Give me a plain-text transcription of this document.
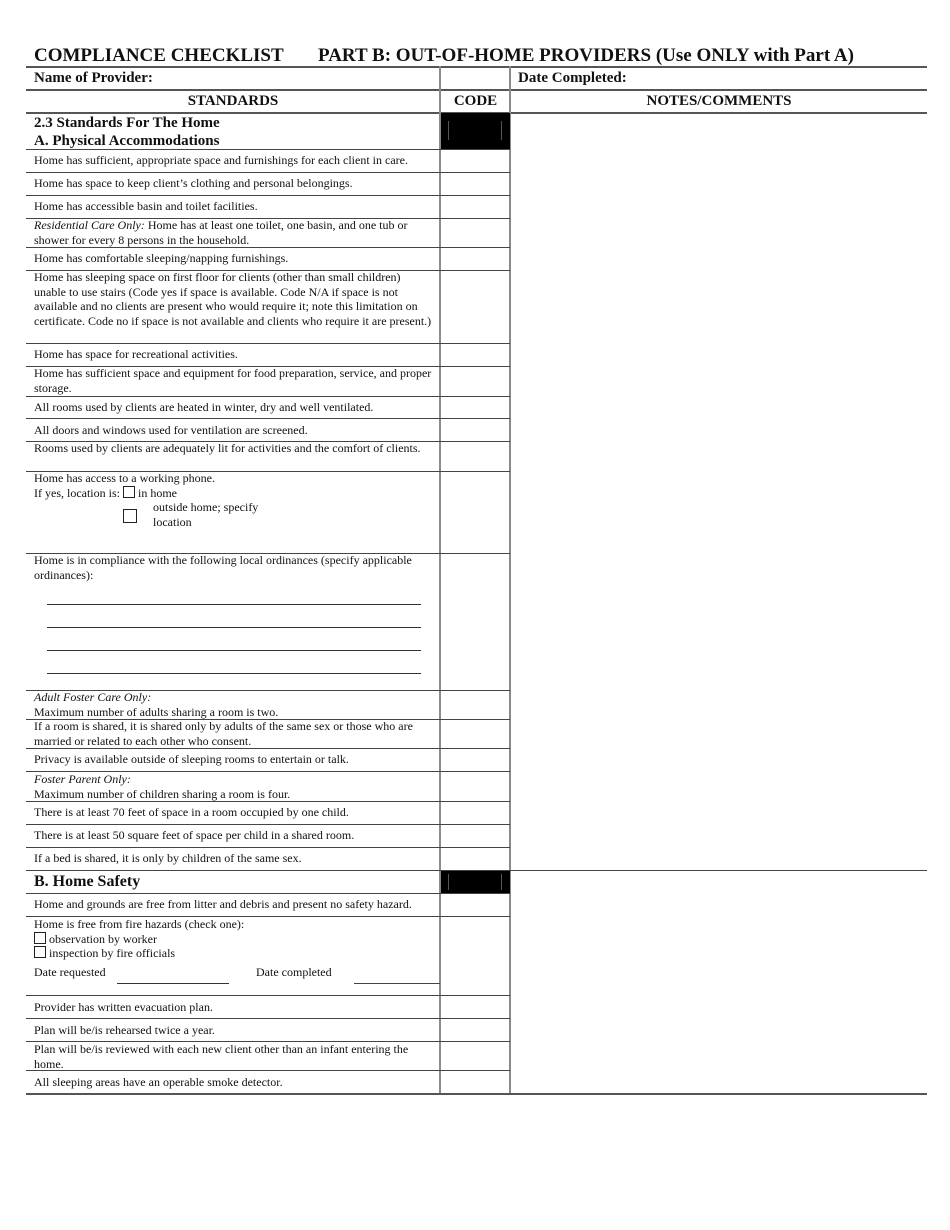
COMPLIANCE CHECKLIST PART B: OUT-OF-HOME PROVIDERS (Use ONLY with Part A)
Name of Provider:	Date Completed:
STANDARDS	CODE	NOTES/COMMENTS
2.3 Standards For The Home
A. Physical Accommodations
Home has sufficient, appropriate space and furnishings for each client in care.
Home has space to keep client’s clothing and personal belongings.
Home has accessible basin and toilet facilities.
Residential Care Only: Home has at least one toilet, one basin, and one tub or shower for every 8 persons in the household.
Home has comfortable sleeping/napping furnishings.
Home has sleeping space on first floor for clients (other than small children) unable to use stairs (Code yes if space is available. Code N/A if space is not available and no clients are present who would require it; note this limitation on certificate. Code no if space is not available and clients who require it are present.)
Home has space for recreational activities.
Home has sufficient space and equipment for food preparation, service, and proper storage.
All rooms used by clients are heated in winter, dry and well ventilated.
All doors and windows used for ventilation are screened.
Rooms used by clients are adequately lit for activities and the comfort of clients.
Home has access to a working phone.
If yes, location is: in home
outside home; specify
location
Home is in compliance with the following local ordinances (specify applicable ordinances):
Adult Foster Care Only:
Maximum number of adults sharing a room is two.
If a room is shared, it is shared only by adults of the same sex or those who are married or related to each other who consent.
Privacy is available outside of sleeping rooms to entertain or talk.
Foster Parent Only:
Maximum number of children sharing a room is four.
There is at least 70 feet of space in a room occupied by one child.
There is at least 50 square feet of space per child in a shared room.
If a bed is shared, it is only by children of the same sex.
B. Home Safety
Home and grounds are free from litter and debris and present no safety hazard.
Home is free from fire hazards (check one):
observation by worker
inspection by fire officials
Date requested	Date completed
Provider has written evacuation plan.
Plan will be/is rehearsed twice a year.
Plan will be/is reviewed with each new client other than an infant entering the home.
All sleeping areas have an operable smoke detector.
